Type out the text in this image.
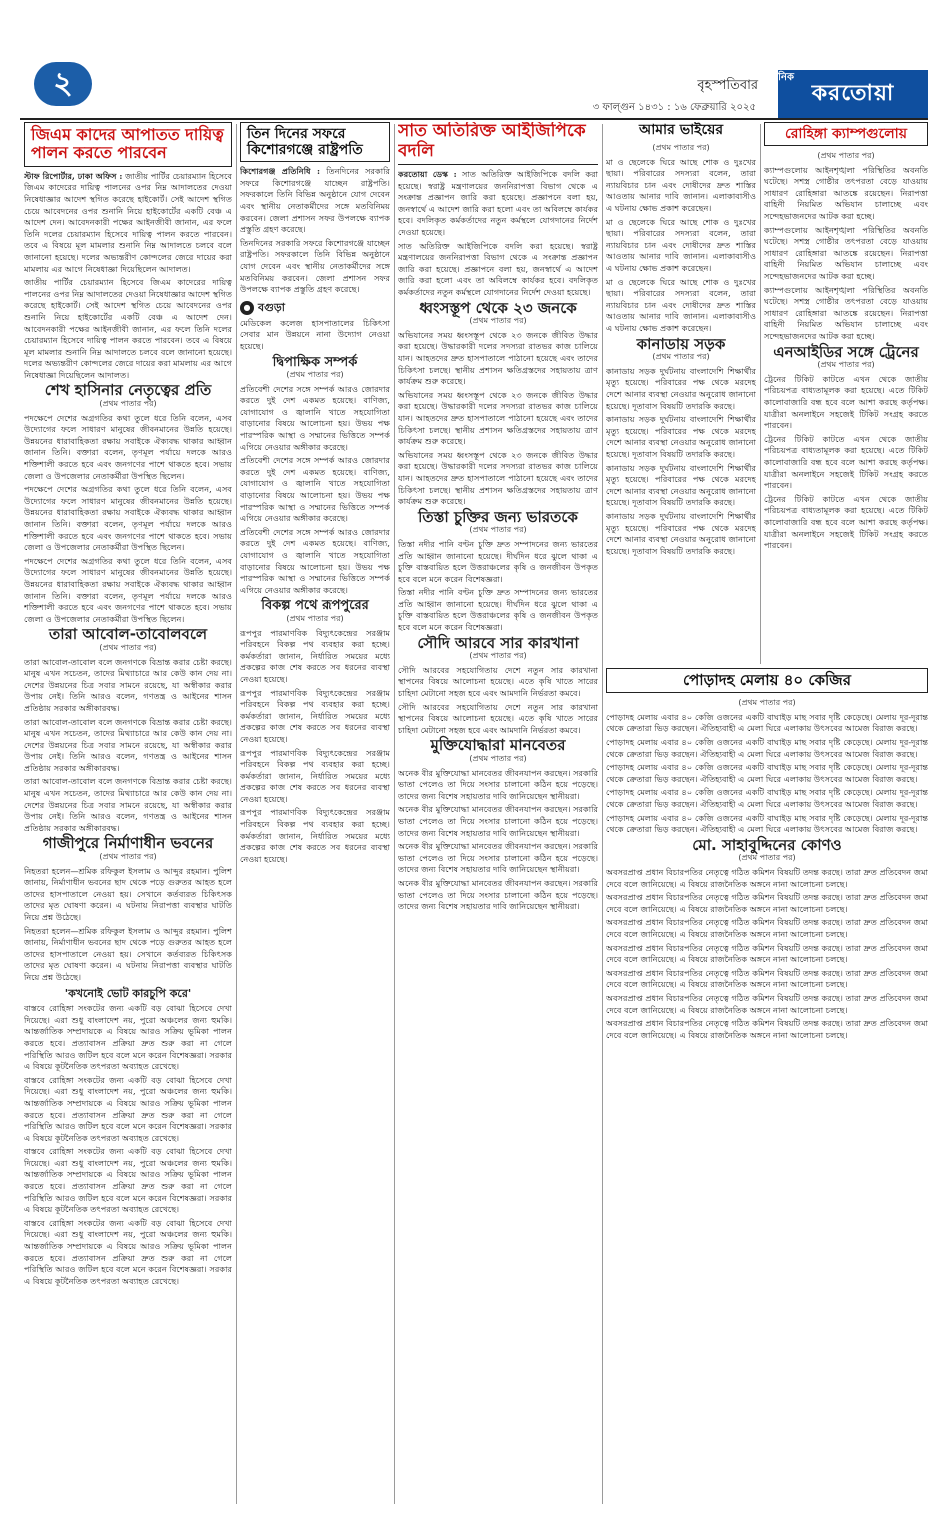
২	বৃহস্পতিবার
৩ ফাল্গুন ১৪৩১ : ১৬ ফেব্রুয়ারি ২০২৫
করতোয়া
দৈনিক
জিএম কাদের আপাতত দায়িত্ব পালন করতে পারবেন

স্টাফ রিপোর্টার, ঢাকা অফিস : জাতীয় পার্টির চেয়ারম্যান হিসেবে জিএম কাদেরের দায়িত্ব পালনের ওপর নিম্ন আদালতের দেওয়া নিষেধাজ্ঞার আদেশ স্থগিত করেছে হাইকোর্ট। সেই আদেশ স্থগিত চেয়ে আবেদনের ওপর শুনানি নিয়ে হাইকোর্টের একটি বেঞ্চ এ আদেশ দেন। আবেদনকারী পক্ষের আইনজীবী জানান, এর ফলে তিনি দলের চেয়ারম্যান হিসেবে দায়িত্ব পালন করতে পারবেন। তবে এ বিষয়ে মূল মামলার শুনানি নিম্ন আদালতে চলবে বলে জানানো হয়েছে। দলের অভ্যন্তরীণ কোন্দলের জেরে দায়ের করা মামলায় এর আগে নিষেধাজ্ঞা দিয়েছিলেন আদালত।

জাতীয় পার্টির চেয়ারম্যান হিসেবে জিএম কাদেরের দায়িত্ব পালনের ওপর নিম্ন আদালতের দেওয়া নিষেধাজ্ঞার আদেশ স্থগিত করেছে হাইকোর্ট। সেই আদেশ স্থগিত চেয়ে আবেদনের ওপর শুনানি নিয়ে হাইকোর্টের একটি বেঞ্চ এ আদেশ দেন। আবেদনকারী পক্ষের আইনজীবী জানান, এর ফলে তিনি দলের চেয়ারম্যান হিসেবে দায়িত্ব পালন করতে পারবেন। তবে এ বিষয়ে মূল মামলার শুনানি নিম্ন আদালতে চলবে বলে জানানো হয়েছে। দলের অভ্যন্তরীণ কোন্দলের জেরে দায়ের করা মামলায় এর আগে নিষেধাজ্ঞা দিয়েছিলেন আদালত।

শেখ হাসিনার নেতৃত্বের প্রতি
(প্রথম পাতার পর)

পদক্ষেপে দেশের অগ্রগতির কথা তুলে ধরে তিনি বলেন, এসব উদ্যোগের ফলে সাধারণ মানুষের জীবনমানের উন্নতি হয়েছে। উন্নয়নের ধারাবাহিকতা রক্ষায় সবাইকে ঐক্যবদ্ধ থাকার আহ্বান জানান তিনি। বক্তারা বলেন, তৃণমূল পর্যায়ে দলকে আরও শক্তিশালী করতে হবে এবং জনগণের পাশে থাকতে হবে। সভায় জেলা ও উপজেলার নেতাকর্মীরা উপস্থিত ছিলেন।

পদক্ষেপে দেশের অগ্রগতির কথা তুলে ধরে তিনি বলেন, এসব উদ্যোগের ফলে সাধারণ মানুষের জীবনমানের উন্নতি হয়েছে। উন্নয়নের ধারাবাহিকতা রক্ষায় সবাইকে ঐক্যবদ্ধ থাকার আহ্বান জানান তিনি। বক্তারা বলেন, তৃণমূল পর্যায়ে দলকে আরও শক্তিশালী করতে হবে এবং জনগণের পাশে থাকতে হবে। সভায় জেলা ও উপজেলার নেতাকর্মীরা উপস্থিত ছিলেন।

পদক্ষেপে দেশের অগ্রগতির কথা তুলে ধরে তিনি বলেন, এসব উদ্যোগের ফলে সাধারণ মানুষের জীবনমানের উন্নতি হয়েছে। উন্নয়নের ধারাবাহিকতা রক্ষায় সবাইকে ঐক্যবদ্ধ থাকার আহ্বান জানান তিনি। বক্তারা বলেন, তৃণমূল পর্যায়ে দলকে আরও শক্তিশালী করতে হবে এবং জনগণের পাশে থাকতে হবে। সভায় জেলা ও উপজেলার নেতাকর্মীরা উপস্থিত ছিলেন।

তারা আবোল-তাবোলবলে
(প্রথম পাতার পর)

তারা আবোল-তাবোল বলে জনগণকে বিভ্রান্ত করার চেষ্টা করছে। মানুষ এখন সচেতন, তাদের মিথ্যাচারে আর কেউ কান দেয় না। দেশের উন্নয়নের চিত্র সবার সামনে রয়েছে, যা অস্বীকার করার উপায় নেই। তিনি আরও বলেন, গণতন্ত্র ও আইনের শাসন প্রতিষ্ঠায় সরকার অঙ্গীকারবদ্ধ।

তারা আবোল-তাবোল বলে জনগণকে বিভ্রান্ত করার চেষ্টা করছে। মানুষ এখন সচেতন, তাদের মিথ্যাচারে আর কেউ কান দেয় না। দেশের উন্নয়নের চিত্র সবার সামনে রয়েছে, যা অস্বীকার করার উপায় নেই। তিনি আরও বলেন, গণতন্ত্র ও আইনের শাসন প্রতিষ্ঠায় সরকার অঙ্গীকারবদ্ধ।

তারা আবোল-তাবোল বলে জনগণকে বিভ্রান্ত করার চেষ্টা করছে। মানুষ এখন সচেতন, তাদের মিথ্যাচারে আর কেউ কান দেয় না। দেশের উন্নয়নের চিত্র সবার সামনে রয়েছে, যা অস্বীকার করার উপায় নেই। তিনি আরও বলেন, গণতন্ত্র ও আইনের শাসন প্রতিষ্ঠায় সরকার অঙ্গীকারবদ্ধ।

গাজীপুরে নির্মাণাধীন ভবনের
(প্রথম পাতার পর)

নিহতরা হলেন—শ্রমিক রফিকুল ইসলাম ও আব্দুর রহমান। পুলিশ জানায়, নির্মাণাধীন ভবনের ছাদ থেকে পড়ে গুরুতর আহত হলে তাদের হাসপাতালে নেওয়া হয়। সেখানে কর্তব্যরত চিকিৎসক তাদের মৃত ঘোষণা করেন। এ ঘটনায় নিরাপত্তা ব্যবস্থার ঘাটতি নিয়ে প্রশ্ন উঠেছে।

নিহতরা হলেন—শ্রমিক রফিকুল ইসলাম ও আব্দুর রহমান। পুলিশ জানায়, নির্মাণাধীন ভবনের ছাদ থেকে পড়ে গুরুতর আহত হলে তাদের হাসপাতালে নেওয়া হয়। সেখানে কর্তব্যরত চিকিৎসক তাদের মৃত ঘোষণা করেন। এ ঘটনায় নিরাপত্তা ব্যবস্থার ঘাটতি নিয়ে প্রশ্ন উঠেছে।

'কখনোই ভোট কারচুপি করে'

বাস্তবে রোহিঙ্গা সংকটের জন্য একটি বড় বোঝা হিসেবে দেখা দিয়েছে। এরা শুধু বাংলাদেশ নয়, পুরো অঞ্চলের জন্য হুমকি। আন্তর্জাতিক সম্প্রদায়কে এ বিষয়ে আরও সক্রিয় ভূমিকা পালন করতে হবে। প্রত্যাবাসন প্রক্রিয়া দ্রুত শুরু করা না গেলে পরিস্থিতি আরও জটিল হবে বলে মনে করেন বিশেষজ্ঞরা। সরকার এ বিষয়ে কূটনৈতিক তৎপরতা অব্যাহত রেখেছে।

বাস্তবে রোহিঙ্গা সংকটের জন্য একটি বড় বোঝা হিসেবে দেখা দিয়েছে। এরা শুধু বাংলাদেশ নয়, পুরো অঞ্চলের জন্য হুমকি। আন্তর্জাতিক সম্প্রদায়কে এ বিষয়ে আরও সক্রিয় ভূমিকা পালন করতে হবে। প্রত্যাবাসন প্রক্রিয়া দ্রুত শুরু করা না গেলে পরিস্থিতি আরও জটিল হবে বলে মনে করেন বিশেষজ্ঞরা। সরকার এ বিষয়ে কূটনৈতিক তৎপরতা অব্যাহত রেখেছে।

বাস্তবে রোহিঙ্গা সংকটের জন্য একটি বড় বোঝা হিসেবে দেখা দিয়েছে। এরা শুধু বাংলাদেশ নয়, পুরো অঞ্চলের জন্য হুমকি। আন্তর্জাতিক সম্প্রদায়কে এ বিষয়ে আরও সক্রিয় ভূমিকা পালন করতে হবে। প্রত্যাবাসন প্রক্রিয়া দ্রুত শুরু করা না গেলে পরিস্থিতি আরও জটিল হবে বলে মনে করেন বিশেষজ্ঞরা। সরকার এ বিষয়ে কূটনৈতিক তৎপরতা অব্যাহত রেখেছে।

বাস্তবে রোহিঙ্গা সংকটের জন্য একটি বড় বোঝা হিসেবে দেখা দিয়েছে। এরা শুধু বাংলাদেশ নয়, পুরো অঞ্চলের জন্য হুমকি। আন্তর্জাতিক সম্প্রদায়কে এ বিষয়ে আরও সক্রিয় ভূমিকা পালন করতে হবে। প্রত্যাবাসন প্রক্রিয়া দ্রুত শুরু করা না গেলে পরিস্থিতি আরও জটিল হবে বলে মনে করেন বিশেষজ্ঞরা। সরকার এ বিষয়ে কূটনৈতিক তৎপরতা অব্যাহত রেখেছে।

তিন দিনের সফরে কিশোরগঞ্জে রাষ্ট্রপতি

কিশোরগঞ্জ প্রতিনিধি : তিনদিনের সরকারি সফরে কিশোরগঞ্জে যাচ্ছেন রাষ্ট্রপতি। সফরকালে তিনি বিভিন্ন অনুষ্ঠানে যোগ দেবেন এবং স্থানীয় নেতাকর্মীদের সঙ্গে মতবিনিময় করবেন। জেলা প্রশাসন সফর উপলক্ষে ব্যাপক প্রস্তুতি গ্রহণ করেছে।

তিনদিনের সরকারি সফরে কিশোরগঞ্জে যাচ্ছেন রাষ্ট্রপতি। সফরকালে তিনি বিভিন্ন অনুষ্ঠানে যোগ দেবেন এবং স্থানীয় নেতাকর্মীদের সঙ্গে মতবিনিময় করবেন। জেলা প্রশাসন সফর উপলক্ষে ব্যাপক প্রস্তুতি গ্রহণ করেছে।

● বগুড়া

মেডিকেল কলেজ হাসপাতালের চিকিৎসা সেবার মান উন্নয়নে নানা উদ্যোগ নেওয়া হয়েছে।

দ্বিপাক্ষিক সম্পর্ক
(প্রথম পাতার পর)

প্রতিবেশী দেশের সঙ্গে সম্পর্ক আরও জোরদার করতে দুই দেশ একমত হয়েছে। বাণিজ্য, যোগাযোগ ও জ্বালানি খাতে সহযোগিতা বাড়ানোর বিষয়ে আলোচনা হয়। উভয় পক্ষ পারস্পরিক আস্থা ও সম্মানের ভিত্তিতে সম্পর্ক এগিয়ে নেওয়ার অঙ্গীকার করেছে।

প্রতিবেশী দেশের সঙ্গে সম্পর্ক আরও জোরদার করতে দুই দেশ একমত হয়েছে। বাণিজ্য, যোগাযোগ ও জ্বালানি খাতে সহযোগিতা বাড়ানোর বিষয়ে আলোচনা হয়। উভয় পক্ষ পারস্পরিক আস্থা ও সম্মানের ভিত্তিতে সম্পর্ক এগিয়ে নেওয়ার অঙ্গীকার করেছে।

প্রতিবেশী দেশের সঙ্গে সম্পর্ক আরও জোরদার করতে দুই দেশ একমত হয়েছে। বাণিজ্য, যোগাযোগ ও জ্বালানি খাতে সহযোগিতা বাড়ানোর বিষয়ে আলোচনা হয়। উভয় পক্ষ পারস্পরিক আস্থা ও সম্মানের ভিত্তিতে সম্পর্ক এগিয়ে নেওয়ার অঙ্গীকার করেছে।

বিকল্প পথে রূপপুরের
(প্রথম পাতার পর)

রূপপুর পারমাণবিক বিদ্যুৎকেন্দ্রের সরঞ্জাম পরিবহনে বিকল্প পথ ব্যবহার করা হচ্ছে। কর্মকর্তারা জানান, নির্ধারিত সময়ের মধ্যে প্রকল্পের কাজ শেষ করতে সব ধরনের ব্যবস্থা নেওয়া হয়েছে।

রূপপুর পারমাণবিক বিদ্যুৎকেন্দ্রের সরঞ্জাম পরিবহনে বিকল্প পথ ব্যবহার করা হচ্ছে। কর্মকর্তারা জানান, নির্ধারিত সময়ের মধ্যে প্রকল্পের কাজ শেষ করতে সব ধরনের ব্যবস্থা নেওয়া হয়েছে।

রূপপুর পারমাণবিক বিদ্যুৎকেন্দ্রের সরঞ্জাম পরিবহনে বিকল্প পথ ব্যবহার করা হচ্ছে। কর্মকর্তারা জানান, নির্ধারিত সময়ের মধ্যে প্রকল্পের কাজ শেষ করতে সব ধরনের ব্যবস্থা নেওয়া হয়েছে।

রূপপুর পারমাণবিক বিদ্যুৎকেন্দ্রের সরঞ্জাম পরিবহনে বিকল্প পথ ব্যবহার করা হচ্ছে। কর্মকর্তারা জানান, নির্ধারিত সময়ের মধ্যে প্রকল্পের কাজ শেষ করতে সব ধরনের ব্যবস্থা নেওয়া হয়েছে।

সাত অতিরিক্ত আইজিপিকে বদলি

করতোয়া ডেস্ক : সাত অতিরিক্ত আইজিপিকে বদলি করা হয়েছে। স্বরাষ্ট্র মন্ত্রণালয়ের জননিরাপত্তা বিভাগ থেকে এ সংক্রান্ত প্রজ্ঞাপন জারি করা হয়েছে। প্রজ্ঞাপনে বলা হয়, জনস্বার্থে এ আদেশ জারি করা হলো এবং তা অবিলম্বে কার্যকর হবে। বদলিকৃত কর্মকর্তাদের নতুন কর্মস্থলে যোগদানের নির্দেশ দেওয়া হয়েছে।

সাত অতিরিক্ত আইজিপিকে বদলি করা হয়েছে। স্বরাষ্ট্র মন্ত্রণালয়ের জননিরাপত্তা বিভাগ থেকে এ সংক্রান্ত প্রজ্ঞাপন জারি করা হয়েছে। প্রজ্ঞাপনে বলা হয়, জনস্বার্থে এ আদেশ জারি করা হলো এবং তা অবিলম্বে কার্যকর হবে। বদলিকৃত কর্মকর্তাদের নতুন কর্মস্থলে যোগদানের নির্দেশ দেওয়া হয়েছে।

ধ্বংসস্তূপ থেকে ২৩ জনকে
(প্রথম পাতার পর)

অভিযানের সময় ধ্বংসস্তূপ থেকে ২৩ জনকে জীবিত উদ্ধার করা হয়েছে। উদ্ধারকারী দলের সদস্যরা রাতভর কাজ চালিয়ে যান। আহতদের দ্রুত হাসপাতালে পাঠানো হয়েছে এবং তাদের চিকিৎসা চলছে। স্থানীয় প্রশাসন ক্ষতিগ্রস্তদের সহায়তায় ত্রাণ কার্যক্রম শুরু করেছে।

অভিযানের সময় ধ্বংসস্তূপ থেকে ২৩ জনকে জীবিত উদ্ধার করা হয়েছে। উদ্ধারকারী দলের সদস্যরা রাতভর কাজ চালিয়ে যান। আহতদের দ্রুত হাসপাতালে পাঠানো হয়েছে এবং তাদের চিকিৎসা চলছে। স্থানীয় প্রশাসন ক্ষতিগ্রস্তদের সহায়তায় ত্রাণ কার্যক্রম শুরু করেছে।

অভিযানের সময় ধ্বংসস্তূপ থেকে ২৩ জনকে জীবিত উদ্ধার করা হয়েছে। উদ্ধারকারী দলের সদস্যরা রাতভর কাজ চালিয়ে যান। আহতদের দ্রুত হাসপাতালে পাঠানো হয়েছে এবং তাদের চিকিৎসা চলছে। স্থানীয় প্রশাসন ক্ষতিগ্রস্তদের সহায়তায় ত্রাণ কার্যক্রম শুরু করেছে।

তিস্তা চুক্তির জন্য ভারতকে
(প্রথম পাতার পর)

তিস্তা নদীর পানি বণ্টন চুক্তি দ্রুত সম্পাদনের জন্য ভারতের প্রতি আহ্বান জানানো হয়েছে। দীর্ঘদিন ধরে ঝুলে থাকা এ চুক্তি বাস্তবায়িত হলে উত্তরাঞ্চলের কৃষি ও জনজীবন উপকৃত হবে বলে মনে করেন বিশেষজ্ঞরা।

তিস্তা নদীর পানি বণ্টন চুক্তি দ্রুত সম্পাদনের জন্য ভারতের প্রতি আহ্বান জানানো হয়েছে। দীর্ঘদিন ধরে ঝুলে থাকা এ চুক্তি বাস্তবায়িত হলে উত্তরাঞ্চলের কৃষি ও জনজীবন উপকৃত হবে বলে মনে করেন বিশেষজ্ঞরা।

সৌদি আরবে সার কারখানা
(প্রথম পাতার পর)

সৌদি আরবের সহযোগিতায় দেশে নতুন সার কারখানা স্থাপনের বিষয়ে আলোচনা হয়েছে। এতে কৃষি খাতে সারের চাহিদা মেটানো সহজ হবে এবং আমদানি নির্ভরতা কমবে।

সৌদি আরবের সহযোগিতায় দেশে নতুন সার কারখানা স্থাপনের বিষয়ে আলোচনা হয়েছে। এতে কৃষি খাতে সারের চাহিদা মেটানো সহজ হবে এবং আমদানি নির্ভরতা কমবে।

মুক্তিযোদ্ধারা মানবেতর
(প্রথম পাতার পর)

অনেক বীর মুক্তিযোদ্ধা মানবেতর জীবনযাপন করছেন। সরকারি ভাতা পেলেও তা দিয়ে সংসার চালানো কঠিন হয়ে পড়েছে। তাদের জন্য বিশেষ সহায়তার দাবি জানিয়েছেন স্থানীয়রা।

অনেক বীর মুক্তিযোদ্ধা মানবেতর জীবনযাপন করছেন। সরকারি ভাতা পেলেও তা দিয়ে সংসার চালানো কঠিন হয়ে পড়েছে। তাদের জন্য বিশেষ সহায়তার দাবি জানিয়েছেন স্থানীয়রা।

অনেক বীর মুক্তিযোদ্ধা মানবেতর জীবনযাপন করছেন। সরকারি ভাতা পেলেও তা দিয়ে সংসার চালানো কঠিন হয়ে পড়েছে। তাদের জন্য বিশেষ সহায়তার দাবি জানিয়েছেন স্থানীয়রা।

অনেক বীর মুক্তিযোদ্ধা মানবেতর জীবনযাপন করছেন। সরকারি ভাতা পেলেও তা দিয়ে সংসার চালানো কঠিন হয়ে পড়েছে। তাদের জন্য বিশেষ সহায়তার দাবি জানিয়েছেন স্থানীয়রা।

আমার ভাইয়ের
(প্রথম পাতার পর)

মা ও ছেলেকে ঘিরে আছে শোক ও দুঃখের ছায়া। পরিবারের সদস্যরা বলেন, তারা ন্যায়বিচার চান এবং দোষীদের দ্রুত শাস্তির আওতায় আনার দাবি জানান। এলাকাবাসীও এ ঘটনায় ক্ষোভ প্রকাশ করেছেন।

মা ও ছেলেকে ঘিরে আছে শোক ও দুঃখের ছায়া। পরিবারের সদস্যরা বলেন, তারা ন্যায়বিচার চান এবং দোষীদের দ্রুত শাস্তির আওতায় আনার দাবি জানান। এলাকাবাসীও এ ঘটনায় ক্ষোভ প্রকাশ করেছেন।

মা ও ছেলেকে ঘিরে আছে শোক ও দুঃখের ছায়া। পরিবারের সদস্যরা বলেন, তারা ন্যায়বিচার চান এবং দোষীদের দ্রুত শাস্তির আওতায় আনার দাবি জানান। এলাকাবাসীও এ ঘটনায় ক্ষোভ প্রকাশ করেছেন।

কানাডায় সড়ক
(প্রথম পাতার পর)

কানাডায় সড়ক দুর্ঘটনায় বাংলাদেশি শিক্ষার্থীর মৃত্যু হয়েছে। পরিবারের পক্ষ থেকে মরদেহ দেশে আনার ব্যবস্থা নেওয়ার অনুরোধ জানানো হয়েছে। দূতাবাস বিষয়টি তদারকি করছে।

কানাডায় সড়ক দুর্ঘটনায় বাংলাদেশি শিক্ষার্থীর মৃত্যু হয়েছে। পরিবারের পক্ষ থেকে মরদেহ দেশে আনার ব্যবস্থা নেওয়ার অনুরোধ জানানো হয়েছে। দূতাবাস বিষয়টি তদারকি করছে।

কানাডায় সড়ক দুর্ঘটনায় বাংলাদেশি শিক্ষার্থীর মৃত্যু হয়েছে। পরিবারের পক্ষ থেকে মরদেহ দেশে আনার ব্যবস্থা নেওয়ার অনুরোধ জানানো হয়েছে। দূতাবাস বিষয়টি তদারকি করছে।

কানাডায় সড়ক দুর্ঘটনায় বাংলাদেশি শিক্ষার্থীর মৃত্যু হয়েছে। পরিবারের পক্ষ থেকে মরদেহ দেশে আনার ব্যবস্থা নেওয়ার অনুরোধ জানানো হয়েছে। দূতাবাস বিষয়টি তদারকি করছে।

রোহিঙ্গা ক্যাম্পগুলোয়
(প্রথম পাতার পর)

ক্যাম্পগুলোয় আইনশৃঙ্খলা পরিস্থিতির অবনতি ঘটেছে। সশস্ত্র গোষ্ঠীর তৎপরতা বেড়ে যাওয়ায় সাধারণ রোহিঙ্গারা আতঙ্কে রয়েছেন। নিরাপত্তা বাহিনী নিয়মিত অভিযান চালাচ্ছে এবং সন্দেহভাজনদের আটক করা হচ্ছে।

ক্যাম্পগুলোয় আইনশৃঙ্খলা পরিস্থিতির অবনতি ঘটেছে। সশস্ত্র গোষ্ঠীর তৎপরতা বেড়ে যাওয়ায় সাধারণ রোহিঙ্গারা আতঙ্কে রয়েছেন। নিরাপত্তা বাহিনী নিয়মিত অভিযান চালাচ্ছে এবং সন্দেহভাজনদের আটক করা হচ্ছে।

ক্যাম্পগুলোয় আইনশৃঙ্খলা পরিস্থিতির অবনতি ঘটেছে। সশস্ত্র গোষ্ঠীর তৎপরতা বেড়ে যাওয়ায় সাধারণ রোহিঙ্গারা আতঙ্কে রয়েছেন। নিরাপত্তা বাহিনী নিয়মিত অভিযান চালাচ্ছে এবং সন্দেহভাজনদের আটক করা হচ্ছে।

এনআইডির সঙ্গে ট্রেনের
(প্রথম পাতার পর)

ট্রেনের টিকিট কাটতে এখন থেকে জাতীয় পরিচয়পত্র বাধ্যতামূলক করা হয়েছে। এতে টিকিট কালোবাজারি বন্ধ হবে বলে আশা করছে কর্তৃপক্ষ। যাত্রীরা অনলাইনে সহজেই টিকিট সংগ্রহ করতে পারবেন।

ট্রেনের টিকিট কাটতে এখন থেকে জাতীয় পরিচয়পত্র বাধ্যতামূলক করা হয়েছে। এতে টিকিট কালোবাজারি বন্ধ হবে বলে আশা করছে কর্তৃপক্ষ। যাত্রীরা অনলাইনে সহজেই টিকিট সংগ্রহ করতে পারবেন।

ট্রেনের টিকিট কাটতে এখন থেকে জাতীয় পরিচয়পত্র বাধ্যতামূলক করা হয়েছে। এতে টিকিট কালোবাজারি বন্ধ হবে বলে আশা করছে কর্তৃপক্ষ। যাত্রীরা অনলাইনে সহজেই টিকিট সংগ্রহ করতে পারবেন।

পোড়াদহ মেলায় ৪০ কেজির
(প্রথম পাতার পর)

পোড়াদহ মেলায় এবার ৪০ কেজি ওজনের একটি বাঘাইড় মাছ সবার দৃষ্টি কেড়েছে। মেলায় দূর-দূরান্ত থেকে ক্রেতারা ভিড় করছেন। ঐতিহ্যবাহী এ মেলা ঘিরে এলাকায় উৎসবের আমেজ বিরাজ করছে।

পোড়াদহ মেলায় এবার ৪০ কেজি ওজনের একটি বাঘাইড় মাছ সবার দৃষ্টি কেড়েছে। মেলায় দূর-দূরান্ত থেকে ক্রেতারা ভিড় করছেন। ঐতিহ্যবাহী এ মেলা ঘিরে এলাকায় উৎসবের আমেজ বিরাজ করছে।

পোড়াদহ মেলায় এবার ৪০ কেজি ওজনের একটি বাঘাইড় মাছ সবার দৃষ্টি কেড়েছে। মেলায় দূর-দূরান্ত থেকে ক্রেতারা ভিড় করছেন। ঐতিহ্যবাহী এ মেলা ঘিরে এলাকায় উৎসবের আমেজ বিরাজ করছে।

পোড়াদহ মেলায় এবার ৪০ কেজি ওজনের একটি বাঘাইড় মাছ সবার দৃষ্টি কেড়েছে। মেলায় দূর-দূরান্ত থেকে ক্রেতারা ভিড় করছেন। ঐতিহ্যবাহী এ মেলা ঘিরে এলাকায় উৎসবের আমেজ বিরাজ করছে।

পোড়াদহ মেলায় এবার ৪০ কেজি ওজনের একটি বাঘাইড় মাছ সবার দৃষ্টি কেড়েছে। মেলায় দূর-দূরান্ত থেকে ক্রেতারা ভিড় করছেন। ঐতিহ্যবাহী এ মেলা ঘিরে এলাকায় উৎসবের আমেজ বিরাজ করছে।

মো. সাহাবুদ্দিনের কোণও
(প্রথম পাতার পর)

অবসরপ্রাপ্ত প্রধান বিচারপতির নেতৃত্বে গঠিত কমিশন বিষয়টি তদন্ত করছে। তারা দ্রুত প্রতিবেদন জমা দেবে বলে জানিয়েছে। এ বিষয়ে রাজনৈতিক অঙ্গনে নানা আলোচনা চলছে।

অবসরপ্রাপ্ত প্রধান বিচারপতির নেতৃত্বে গঠিত কমিশন বিষয়টি তদন্ত করছে। তারা দ্রুত প্রতিবেদন জমা দেবে বলে জানিয়েছে। এ বিষয়ে রাজনৈতিক অঙ্গনে নানা আলোচনা চলছে।

অবসরপ্রাপ্ত প্রধান বিচারপতির নেতৃত্বে গঠিত কমিশন বিষয়টি তদন্ত করছে। তারা দ্রুত প্রতিবেদন জমা দেবে বলে জানিয়েছে। এ বিষয়ে রাজনৈতিক অঙ্গনে নানা আলোচনা চলছে।

অবসরপ্রাপ্ত প্রধান বিচারপতির নেতৃত্বে গঠিত কমিশন বিষয়টি তদন্ত করছে। তারা দ্রুত প্রতিবেদন জমা দেবে বলে জানিয়েছে। এ বিষয়ে রাজনৈতিক অঙ্গনে নানা আলোচনা চলছে।

অবসরপ্রাপ্ত প্রধান বিচারপতির নেতৃত্বে গঠিত কমিশন বিষয়টি তদন্ত করছে। তারা দ্রুত প্রতিবেদন জমা দেবে বলে জানিয়েছে। এ বিষয়ে রাজনৈতিক অঙ্গনে নানা আলোচনা চলছে।

অবসরপ্রাপ্ত প্রধান বিচারপতির নেতৃত্বে গঠিত কমিশন বিষয়টি তদন্ত করছে। তারা দ্রুত প্রতিবেদন জমা দেবে বলে জানিয়েছে। এ বিষয়ে রাজনৈতিক অঙ্গনে নানা আলোচনা চলছে।

অবসরপ্রাপ্ত প্রধান বিচারপতির নেতৃত্বে গঠিত কমিশন বিষয়টি তদন্ত করছে। তারা দ্রুত প্রতিবেদন জমা দেবে বলে জানিয়েছে। এ বিষয়ে রাজনৈতিক অঙ্গনে নানা আলোচনা চলছে।
